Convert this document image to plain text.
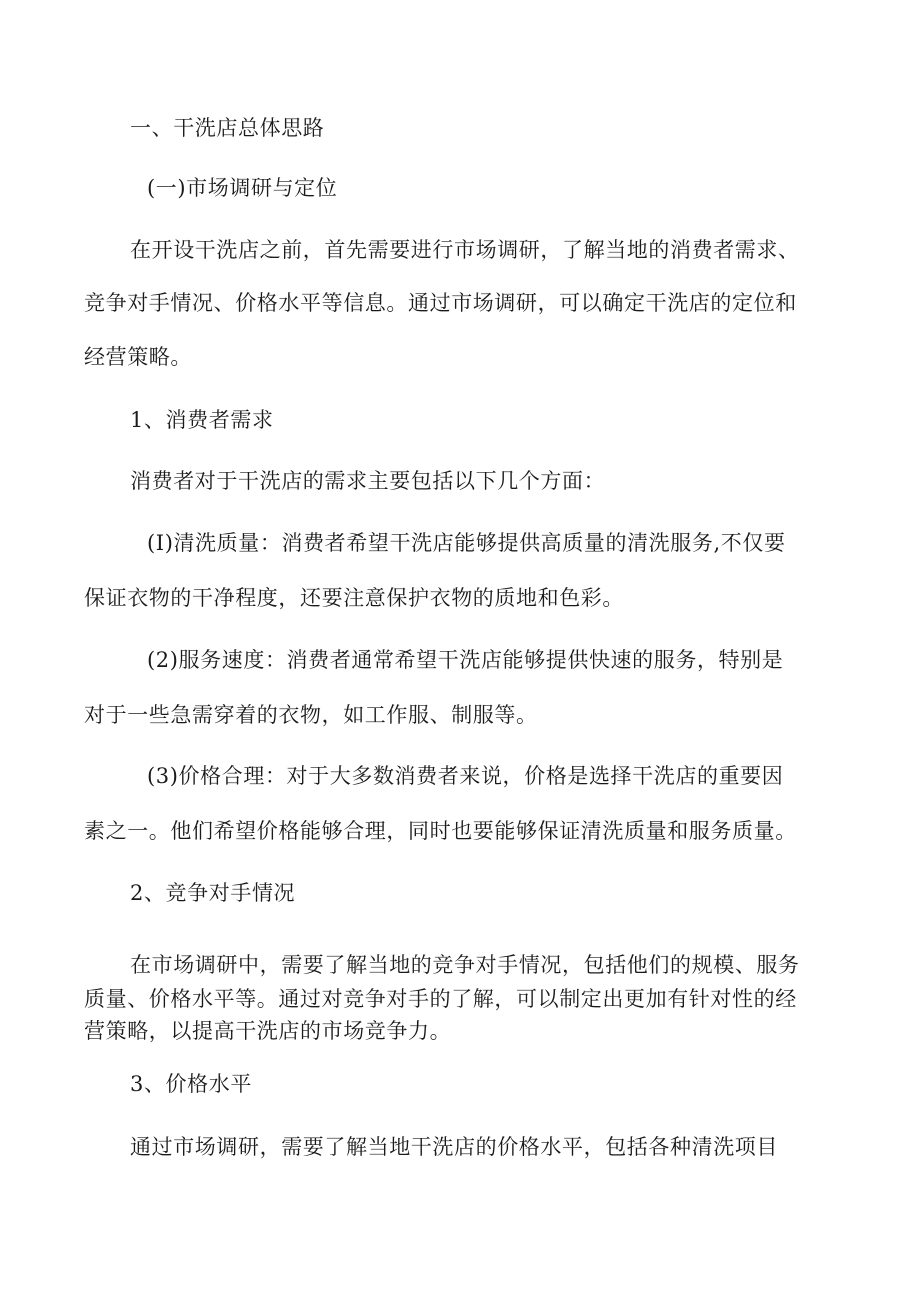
一、干洗店总体思路
(一)市场调研与定位
在开设干洗店之前，首先需要进行市场调研，了解当地的消费者需求、
竞争对手情况、价格水平等信息。通过市场调研，可以确定干洗店的定位和
经营策略。
1、消费者需求
消费者对于干洗店的需求主要包括以下几个方面：
(I)清洗质量：消费者希望干洗店能够提供高质量的清洗服务,不仅要
保证衣物的干净程度，还要注意保护衣物的质地和色彩。
(2)服务速度：消费者通常希望干洗店能够提供快速的服务，特别是
对于一些急需穿着的衣物，如工作服、制服等。
(3)价格合理：对于大多数消费者来说，价格是选择干洗店的重要因
素之一。他们希望价格能够合理，同时也要能够保证清洗质量和服务质量。
2、竞争对手情况
在市场调研中，需要了解当地的竞争对手情况，包括他们的规模、服务
质量、价格水平等。通过对竞争对手的了解，可以制定出更加有针对性的经
营策略，以提高干洗店的市场竞争力。
3、价格水平
通过市场调研，需要了解当地干洗店的价格水平，包括各种清洗项目
